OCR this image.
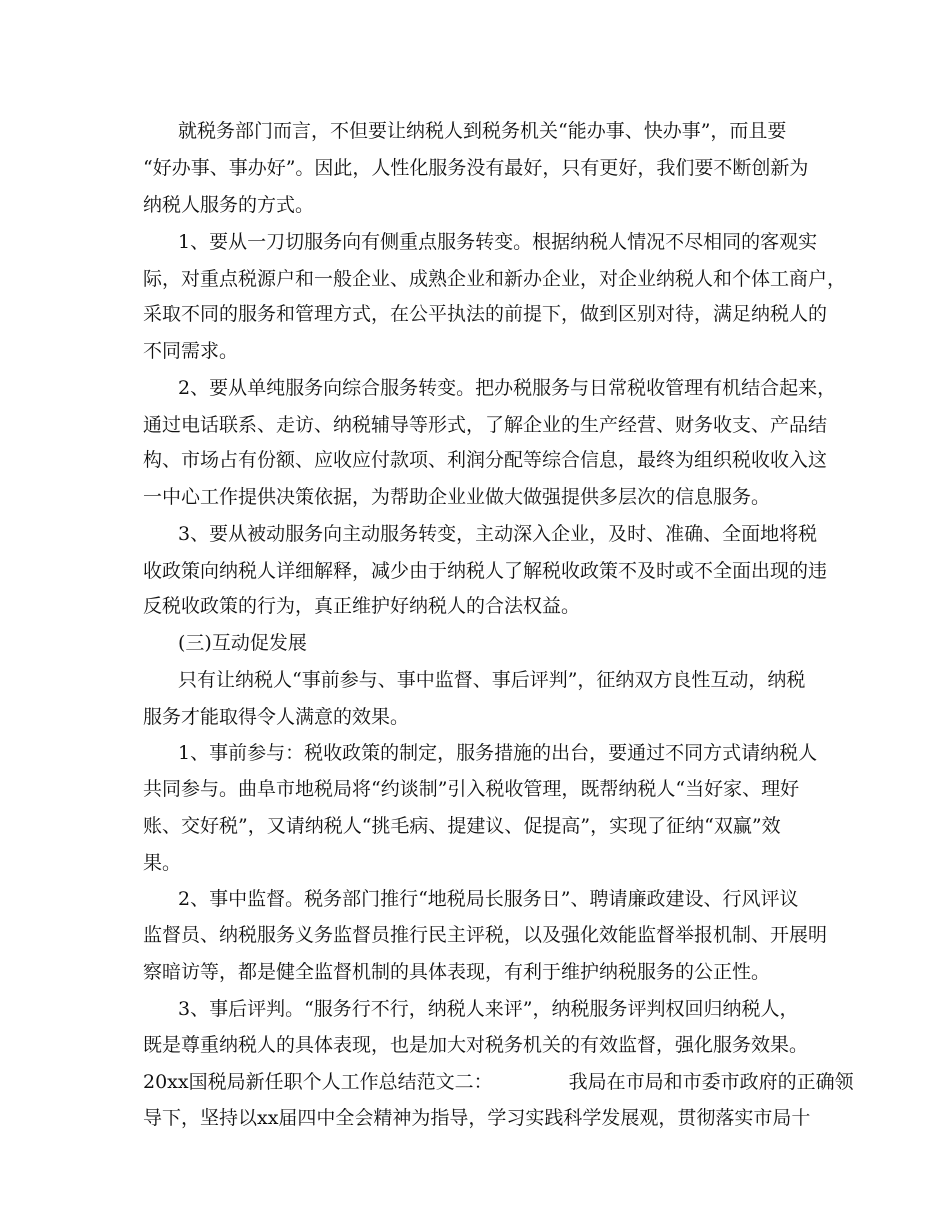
就税务部门而言，不但要让纳税人到税务机关“能办事、快办事”，而且要
“好办事、事办好”。因此，人性化服务没有最好，只有更好，我们要不断创新为
纳税人服务的方式。
1、要从一刀切服务向有侧重点服务转变。根据纳税人情况不尽相同的客观实
际，对重点税源户和一般企业、成熟企业和新办企业，对企业纳税人和个体工商户，
采取不同的服务和管理方式，在公平执法的前提下，做到区别对待，满足纳税人的
不同需求。
2、要从单纯服务向综合服务转变。把办税服务与日常税收管理有机结合起来，
通过电话联系、走访、纳税辅导等形式，了解企业的生产经营、财务收支、产品结
构、市场占有份额、应收应付款项、利润分配等综合信息，最终为组织税收收入这
一中心工作提供决策依据，为帮助企业业做大做强提供多层次的信息服务。
3、要从被动服务向主动服务转变，主动深入企业，及时、准确、全面地将税
收政策向纳税人详细解释，减少由于纳税人了解税收政策不及时或不全面出现的违
反税收政策的行为，真正维护好纳税人的合法权益。
(三)互动促发展
只有让纳税人“事前参与、事中监督、事后评判”，征纳双方良性互动，纳税
服务才能取得令人满意的效果。
1、事前参与：税收政策的制定，服务措施的出台，要通过不同方式请纳税人
共同参与。曲阜市地税局将“约谈制”引入税收管理，既帮纳税人“当好家、理好
账、交好税”，又请纳税人“挑毛病、提建议、促提高”，实现了征纳“双赢”效
果。
2、事中监督。税务部门推行“地税局长服务日”、聘请廉政建设、行风评议
监督员、纳税服务义务监督员推行民主评税，以及强化效能监督举报机制、开展明
察暗访等，都是健全监督机制的具体表现，有利于维护纳税服务的公正性。
3、事后评判。“服务行不行，纳税人来评”，纳税服务评判权回归纳税人，
既是尊重纳税人的具体表现，也是加大对税务机关的有效监督，强化服务效果。
20xx国税局新任职个人工作总结范文二：	我局在市局和市委市政府的正确领
导下，坚持以xx届四中全会精神为指导，学习实践科学发展观，贯彻落实市局十
